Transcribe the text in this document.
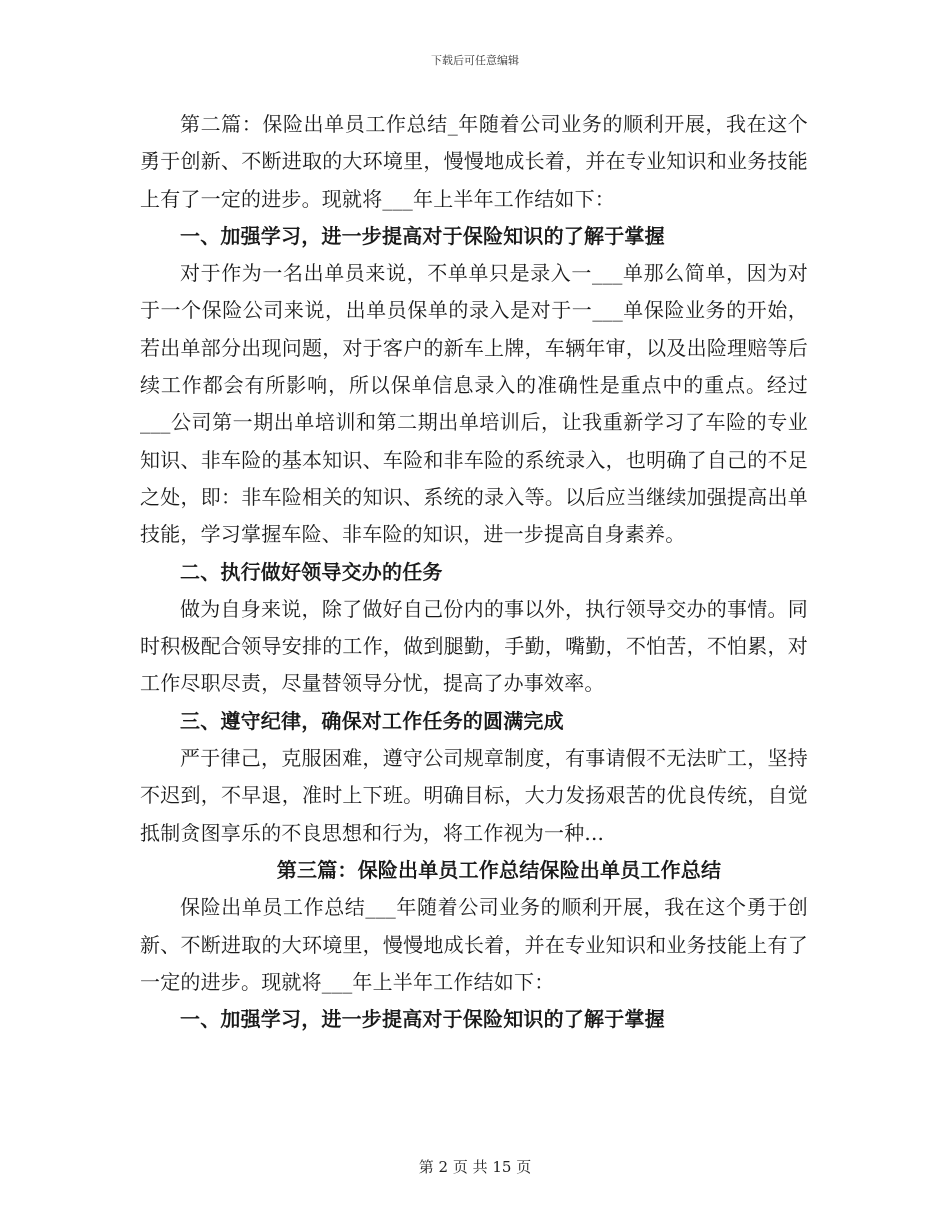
下载后可任意编辑

第二篇：保险出单员工作总结_年随着公司业务的顺利开展，我在这个勇于创新、不断进取的大环境里，慢慢地成长着，并在专业知识和业务技能上有了一定的进步。现就将___年上半年工作结如下：

一、加强学习，进一步提高对于保险知识的了解于掌握

对于作为一名出单员来说，不单单只是录入一___单那么简单，因为对于一个保险公司来说，出单员保单的录入是对于一___单保险业务的开始，若出单部分出现问题，对于客户的新车上牌，车辆年审，以及出险理赔等后续工作都会有所影响，所以保单信息录入的准确性是重点中的重点。经过___公司第一期出单培训和第二期出单培训后，让我重新学习了车险的专业知识、非车险的基本知识、车险和非车险的系统录入，也明确了自己的不足之处，即：非车险相关的知识、系统的录入等。以后应当继续加强提高出单技能，学习掌握车险、非车险的知识，进一步提高自身素养。

二、执行做好领导交办的任务

做为自身来说，除了做好自己份内的事以外，执行领导交办的事情。同时积极配合领导安排的工作，做到腿勤，手勤，嘴勤，不怕苦，不怕累，对工作尽职尽责，尽量替领导分忧，提高了办事效率。

三、遵守纪律，确保对工作任务的圆满完成

严于律己，克服困难，遵守公司规章制度，有事请假不无法旷工，坚持不迟到，不早退，准时上下班。明确目标，大力发扬艰苦的优良传统，自觉抵制贪图享乐的不良思想和行为，将工作视为一种...

第三篇：保险出单员工作总结保险出单员工作总结

保险出单员工作总结___年随着公司业务的顺利开展，我在这个勇于创新、不断进取的大环境里，慢慢地成长着，并在专业知识和业务技能上有了一定的进步。现就将___年上半年工作结如下：

一、加强学习，进一步提高对于保险知识的了解于掌握

第 2 页 共 15 页
